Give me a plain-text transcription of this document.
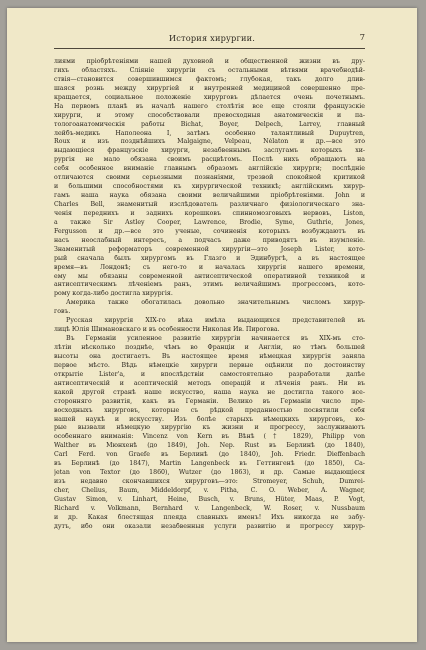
История хирургии.	7
лиями пріобрѣтеніями нашей духовной и общественной жизни въ дру-
гихъ областяхъ. Сліяніе хирургіи съ остальными вѣтвями врачебнодѣй-
ствія—становится совершившимся фактомъ; глубокая, такъ долго длив-
шаяся рознь между хирургіей и внутренней медициной совершенно пре-
кращается, социальное положеніе хирурговъ дѣлается очень почетнымъ.
На первомъ планѣ въ началѣ нашего столѣтія все еще стояли французскіе
хирурги, и этому способствовали превосходныя анатомическія и па-
тологоанатомическія работы Bichat, Boyer, Delpech, Larrey, главный
лейбъ-медикъ Наполеона I, затѣмъ особенно талантливый Dupuytren,
Roux и изъ позднѣйшихъ Malgaigne, Velpeau, Nélaton и др.—все это
выдающіеся французскіе хирурги, незабвеннымъ заслугамъ которыхъ хи-
рургія не мало обязана своимъ расцвѣтомъ. Послѣ нихъ обращають на
себя особенное вниманіе главнымъ образомъ англійскіе хирурги; послѣдніе
отличаются своими серьезными познаніями, трезвой спокойной критикой
и большими способностями къ хирургической техникѣ; англійскимъ хирур-
гамъ наша наука обязана своими величайшими пріобрѣтеніями. John и
Charles Bell, знаменитый изслѣдователь различнаго физіологическаго зна-
ченія переднихъ и заднихъ корешковъ спинномозговыхъ нервовъ, Liston,
а также Sir Astley Cooper, Lawrence, Brodie, Syme, Guthrie, Jones,
Fergusson и др.—все это ученые, сочиненія которыхъ возбуждаютъ въ
насъ неослабный интересъ, а подчасъ даже приводятъ въ изумленіе.
Знаменитый реформаторъ современной хирургіи—это Joseph Lister, кото-
рый сначала былъ хирургомъ въ Глазго и Эдинбургѣ, а въ настоящее
время—въ Лондонѣ; съ него-то и началась хирургія нашего времени,
ему мы обязаны современной антисептической оперативной техникой и
антисептическимъ лѣченіемъ ранъ, этимъ величайшимъ прогрессомъ, кото-
рому когда-либо достигла хирургія.
Америка также обогатилась довольно значительнымъ числомъ хирур-
говъ.
Русская хирургія XIX-го вѣка имѣла выдающихся представителей въ
лицѣ Юлія Шимановскаго и въ особенности Николая Ив. Пирогова.
Въ Германіи усиленное развитіе хирургіи начинается въ XIX-мъ сто-
лѣтіи нѣсколько позднѣе, чѣмъ во Франціи и Англіи, но тѣмъ большей
высоты она достигаетъ. Въ настоящее время нѣмецкая хирургія заняла
первое мѣсто. Вѣдь нѣмецкіе хирурги первые оцѣнили по достоинству
открытіе Lister'а, и впослѣдствіи самостоятельно разработали далѣе
антисептическій и асептическій методъ операцій и лѣченія ранъ. Ни въ
какой другой странѣ наше искусство, наша наука не достигла такого все-
сторонняго развитія, какъ въ Германіи. Велико въ Германіи число пре-
восходныхъ хирурговъ, которые съ рѣдкой преданностью посвятили себя
нашей наукѣ и искусству. Изъ болѣе старыхъ нѣмецкихъ хирурговъ, ко-
рые вызвали нѣмецкую хирургію къ жизни и прогрессу, заслуживаютъ
особеннаго вниманія: Vincenz von Kern въ Вѣнѣ († 1829), Philipp von
Walther въ Мюнхенѣ (до 1849), Joh. Nep. Rust въ Берлинѣ (до 1840),
Carl Ferd. von Graefe въ Берлинѣ (до 1840), Joh. Friedr. Dieffenbach
въ Берлинѣ (до 1847), Martin Langenbeck въ Геттингенѣ (до 1850), Ca-
jetan von Textor (до 1860), Wutzer (до 1863), и др. Самые выдающіеся
изъ недавно скончавшихся хирурговъ—это: Stromeyer, Schuh, Dumrei-
cher, Chelius, Baum, Middeldorpf, v. Pitha, C. O. Weber, A. Wagner,
Gustav Simon, v. Linhart, Heine, Busch, v. Bruns, Hüter, Maas, P. Vogt,
Richard v. Volkmann, Bernhard v. Langenbeck, W. Roser, v. Nussbaum
и др. Какая блестящая плеяда славныхъ именъ! Ихъ никогда не забу-
дутъ, ибо они оказали незабвенныя услуги развитію и прогрессу хирур-
